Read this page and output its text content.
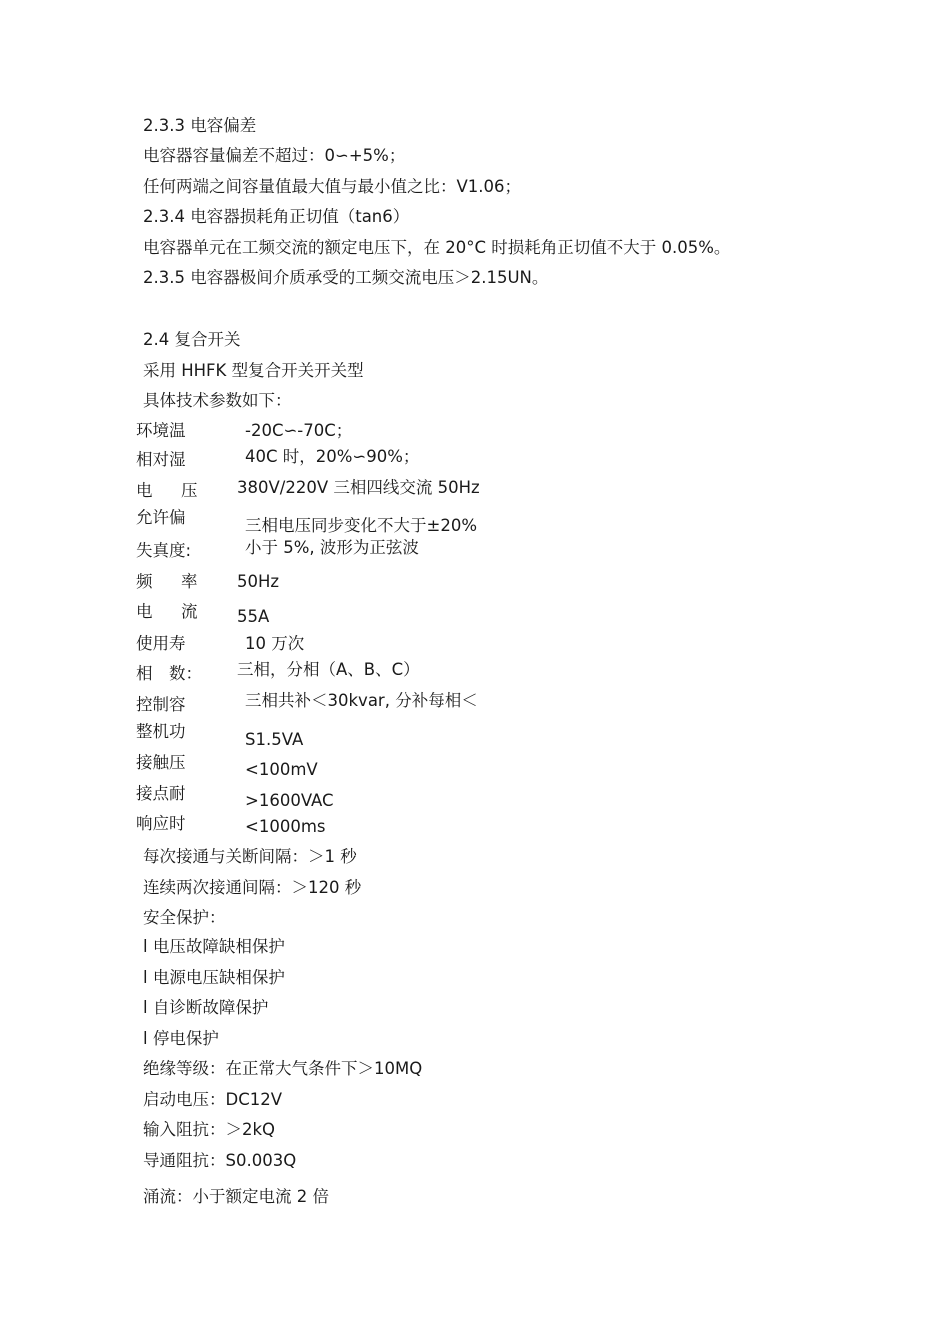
2.3.3 电容偏差
电容器容量偏差不超过：0∽+5%；
任何两端之间容量值最大值与最小值之比：V1.06；
2.3.4 电容器损耗角正切值（tan6）
电容器单元在工频交流的额定电压下，在 20°C 时损耗角正切值不大于 0.05%。
2.3.5 电容器极间介质承受的工频交流电压＞2.15UN。
2.4 复合开关
采用 HHFK 型复合开关开关型
具体技术参数如下：
环境温	-20C∽-70C；
相对湿	40C 时，20%∽90%；
电　压	380V/220V 三相四线交流 50Hz
允许偏	三相电压同步变化不大于±20%
失真度:	小于 5%, 波形为正弦波
频　率	50Hz
电　流	55A
使用寿	10 万次
相　数：	三相，分相（A、B、C）
控制容	三相共补＜30kvar, 分补每相＜
整机功	S1.5VA
接触压	<100mV
接点耐	>1600VAC
响应时	<1000ms
每次接通与关断间隔：＞1 秒
连续两次接通间隔：＞120 秒
安全保护：
l 电压故障缺相保护
l 电源电压缺相保护
l 自诊断故障保护
l 停电保护
绝缘等级：在正常大气条件下＞10MQ
启动电压：DC12V
输入阻抗：＞2kQ
导通阻抗：S0.003Q
涌流：小于额定电流 2 倍
